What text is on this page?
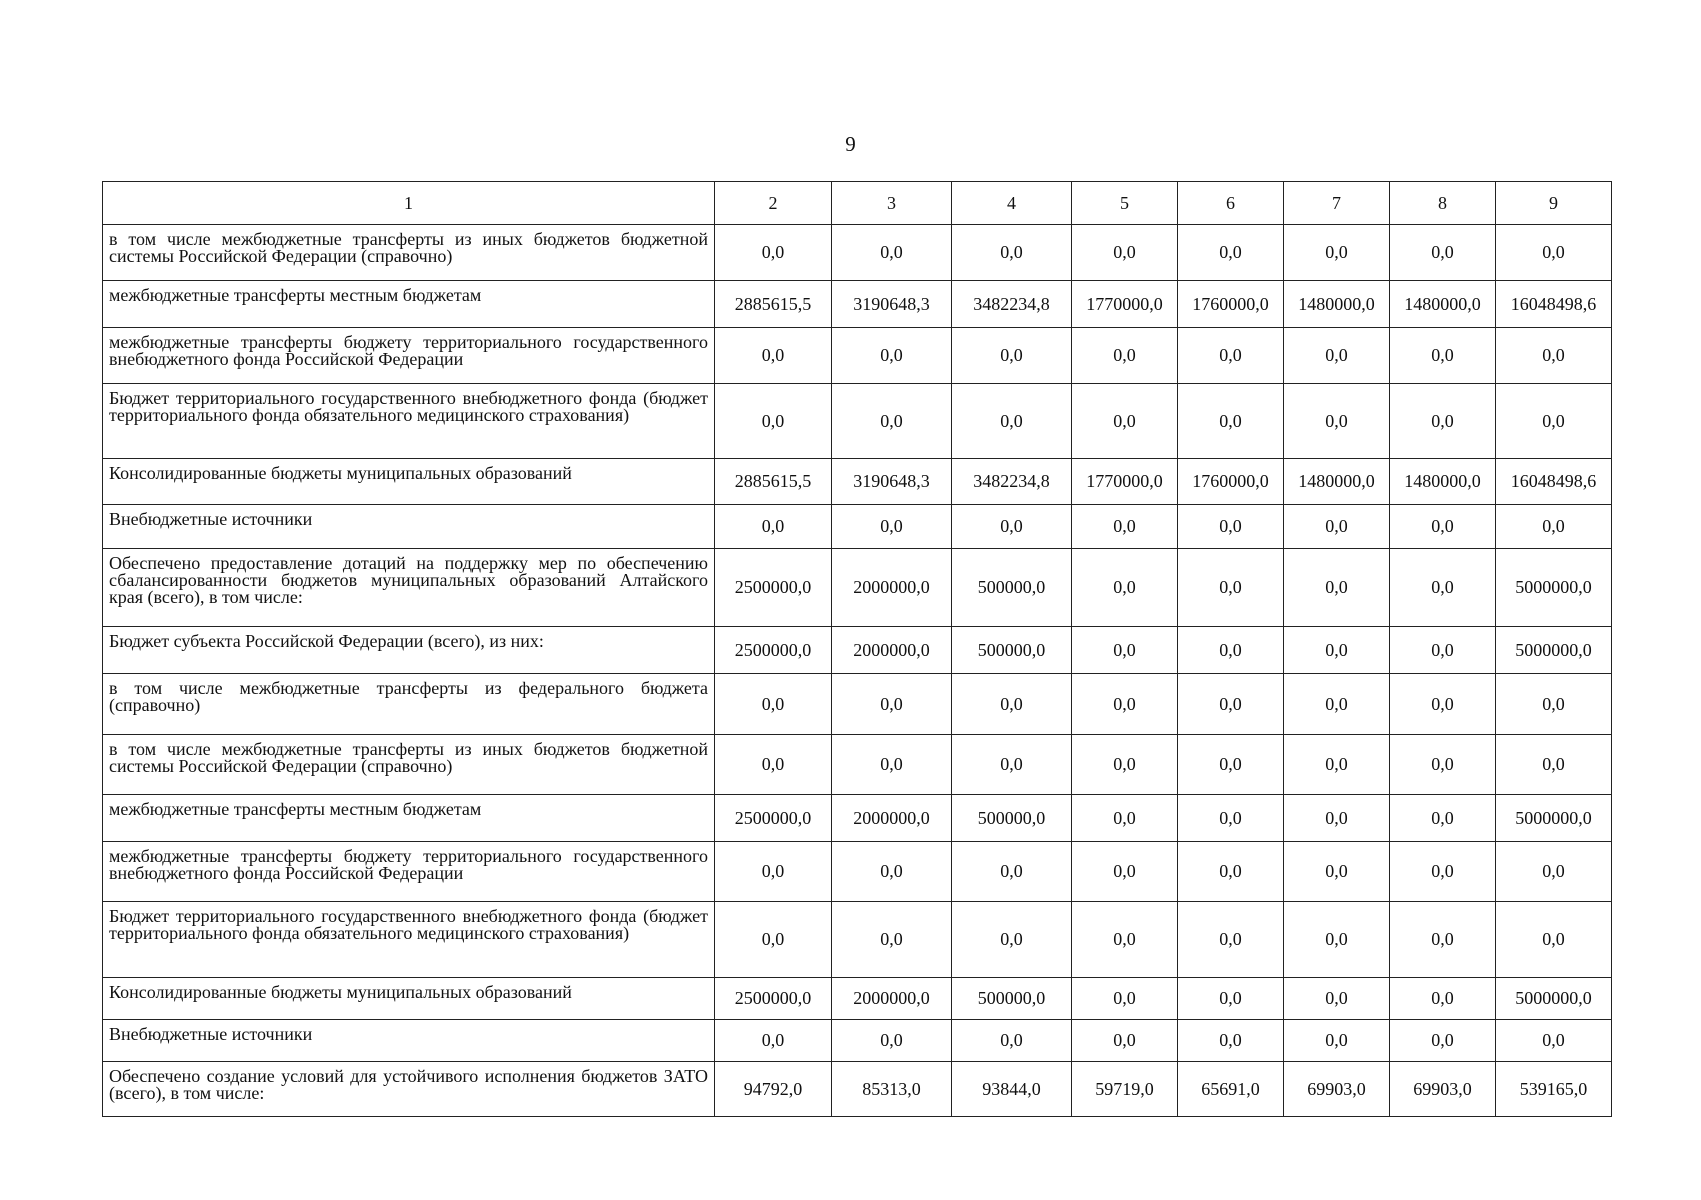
9
1	2	3	4	5	6	7	8	9
в том числе межбюджетные трансферты из иных бюджетов бюджетной системы Российской Федерации (справочно)	0,0	0,0	0,0	0,0	0,0	0,0	0,0	0,0
межбюджетные трансферты местным бюджетам	2885615,5	3190648,3	3482234,8	1770000,0	1760000,0	1480000,0	1480000,0	16048498,6
межбюджетные трансферты бюджету территориального государственного внебюджетного фонда Российской Федерации	0,0	0,0	0,0	0,0	0,0	0,0	0,0	0,0
Бюджет территориального государственного внебюджетного фонда (бюджет территориального фонда обязательного медицинского страхования)	0,0	0,0	0,0	0,0	0,0	0,0	0,0	0,0
Консолидированные бюджеты муниципальных образований	2885615,5	3190648,3	3482234,8	1770000,0	1760000,0	1480000,0	1480000,0	16048498,6
Внебюджетные источники	0,0	0,0	0,0	0,0	0,0	0,0	0,0	0,0
Обеспечено предоставление дотаций на поддержку мер по обеспечению сбалансированности бюджетов муниципальных образований Алтайского края (всего), в том числе:	2500000,0	2000000,0	500000,0	0,0	0,0	0,0	0,0	5000000,0
Бюджет субъекта Российской Федерации (всего), из них:	2500000,0	2000000,0	500000,0	0,0	0,0	0,0	0,0	5000000,0
в том числе межбюджетные трансферты из федерального бюджета (справочно)	0,0	0,0	0,0	0,0	0,0	0,0	0,0	0,0
в том числе межбюджетные трансферты из иных бюджетов бюджетной системы Российской Федерации (справочно)	0,0	0,0	0,0	0,0	0,0	0,0	0,0	0,0
межбюджетные трансферты местным бюджетам	2500000,0	2000000,0	500000,0	0,0	0,0	0,0	0,0	5000000,0
межбюджетные трансферты бюджету территориального государственного внебюджетного фонда Российской Федерации	0,0	0,0	0,0	0,0	0,0	0,0	0,0	0,0
Бюджет территориального государственного внебюджетного фонда (бюджет территориального фонда обязательного медицинского страхования)	0,0	0,0	0,0	0,0	0,0	0,0	0,0	0,0
Консолидированные бюджеты муниципальных образований	2500000,0	2000000,0	500000,0	0,0	0,0	0,0	0,0	5000000,0
Внебюджетные источники	0,0	0,0	0,0	0,0	0,0	0,0	0,0	0,0
Обеспечено создание условий для устойчивого исполнения бюджетов ЗАТО (всего), в том числе:	94792,0	85313,0	93844,0	59719,0	65691,0	69903,0	69903,0	539165,0
